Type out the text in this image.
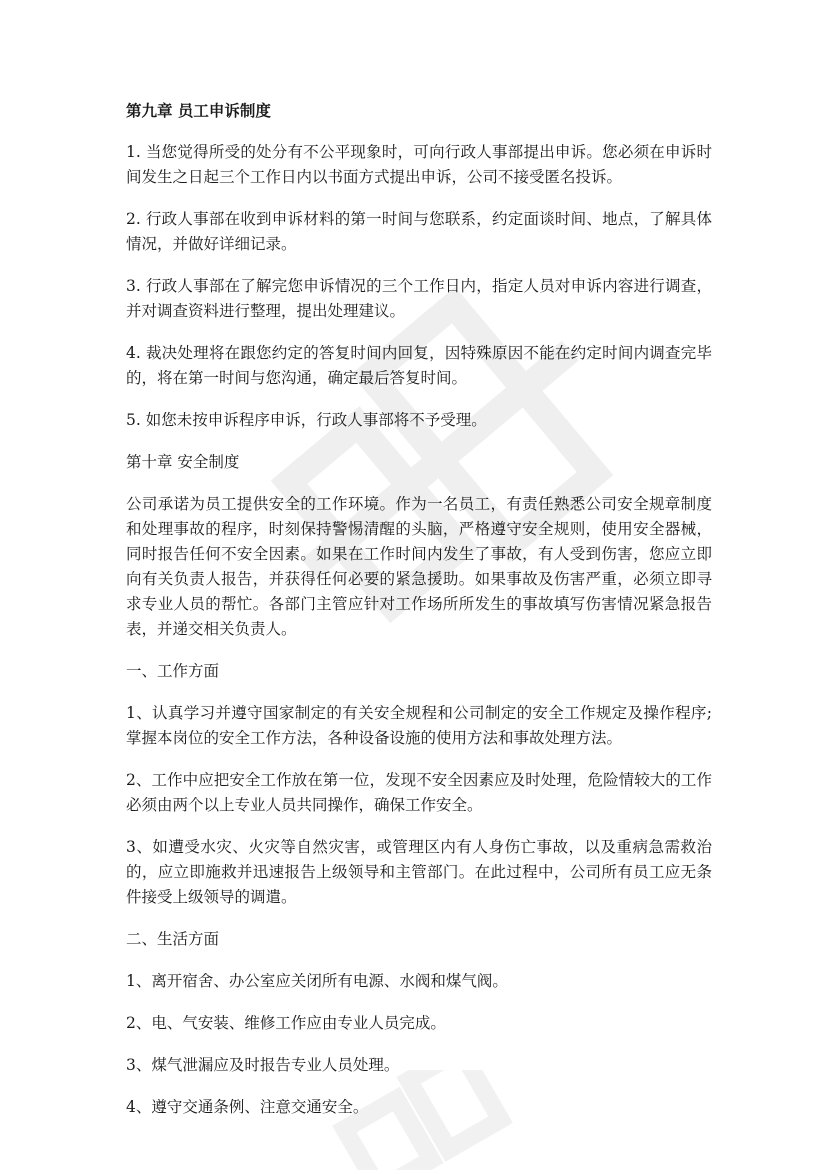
第九章 员工申诉制度

1. 当您觉得所受的处分有不公平现象时，可向行政人事部提出申诉。您必须在申诉时间发生之日起三个工作日内以书面方式提出申诉，公司不接受匿名投诉。

2. 行政人事部在收到申诉材料的第一时间与您联系，约定面谈时间、地点，了解具体情况，并做好详细记录。

3. 行政人事部在了解完您申诉情况的三个工作日内，指定人员对申诉内容进行调查，并对调查资料进行整理，提出处理建议。

4. 裁决处理将在跟您约定的答复时间内回复，因特殊原因不能在约定时间内调查完毕的，将在第一时间与您沟通，确定最后答复时间。

5. 如您未按申诉程序申诉，行政人事部将不予受理。

第十章 安全制度

公司承诺为员工提供安全的工作环境。作为一名员工，有责任熟悉公司安全规章制度和处理事故的程序，时刻保持警惕清醒的头脑，严格遵守安全规则，使用安全器械，同时报告任何不安全因素。如果在工作时间内发生了事故，有人受到伤害，您应立即向有关负责人报告，并获得任何必要的紧急援助。如果事故及伤害严重，必须立即寻求专业人员的帮忙。各部门主管应针对工作场所所发生的事故填写伤害情况紧急报告表，并递交相关负责人。

一、工作方面

1、认真学习并遵守国家制定的有关安全规程和公司制定的安全工作规定及操作程序;掌握本岗位的安全工作方法，各种设备设施的使用方法和事故处理方法。

2、工作中应把安全工作放在第一位，发现不安全因素应及时处理，危险情较大的工作必须由两个以上专业人员共同操作，确保工作安全。

3、如遭受水灾、火灾等自然灾害，或管理区内有人身伤亡事故，以及重病急需救治的，应立即施救并迅速报告上级领导和主管部门。在此过程中，公司所有员工应无条件接受上级领导的调遣。

二、生活方面

1、离开宿舍、办公室应关闭所有电源、水阀和煤气阀。

2、电、气安装、维修工作应由专业人员完成。

3、煤气泄漏应及时报告专业人员处理。

4、遵守交通条例、注意交通安全。
